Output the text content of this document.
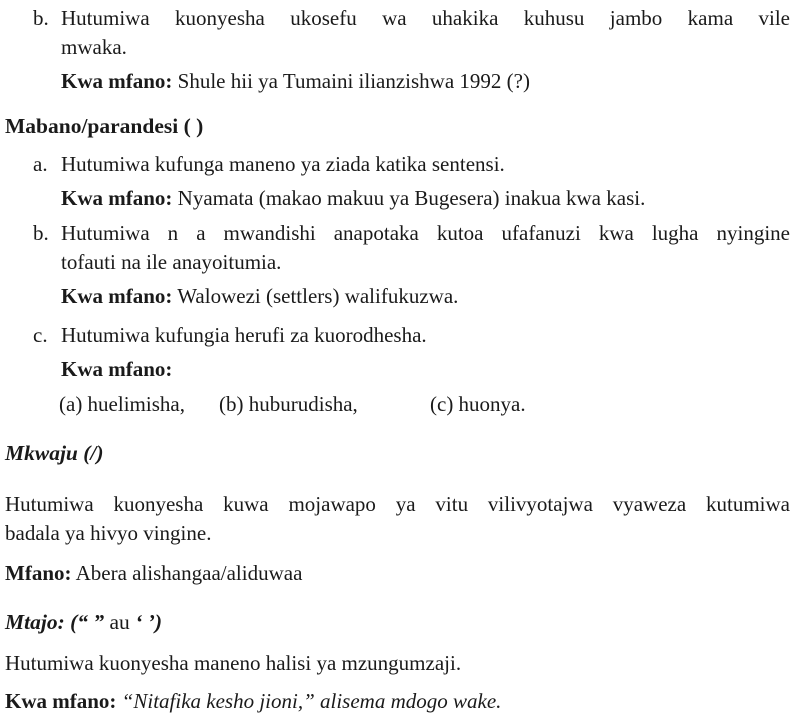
b. Hutumiwa kuonyesha ukosefu wa uhakika kuhusu jambo kama vile
mwaka.
Kwa mfano: Shule hii ya Tumaini ilianzishwa 1992 (?)
Mabano/parandesi ( )
a. Hutumiwa kufunga maneno ya ziada katika sentensi.
Kwa mfano: Nyamata (makao makuu ya Bugesera) inakua kwa kasi.
b. Hutumiwa n a mwandishi anapotaka kutoa ufafanuzi kwa lugha nyingine
tofauti na ile anayoitumia.
Kwa mfano: Walowezi (settlers) walifukuzwa.
c. Hutumiwa kufungia herufi za kuorodhesha.
Kwa mfano:
(a) huelimisha, (b) huburudisha,	(c) huonya.
Mkwaju (/)
Hutumiwa kuonyesha kuwa mojawapo ya vitu vilivyotajwa vyaweza kutumiwa
badala ya hivyo vingine.
Mfano: Abera alishangaa/aliduwaa
Mtajo: (“ ” au ‘ ’)
Hutumiwa kuonyesha maneno halisi ya mzungumzaji.
Kwa mfano: “Nitafika kesho jioni,” alisema mdogo wake.
